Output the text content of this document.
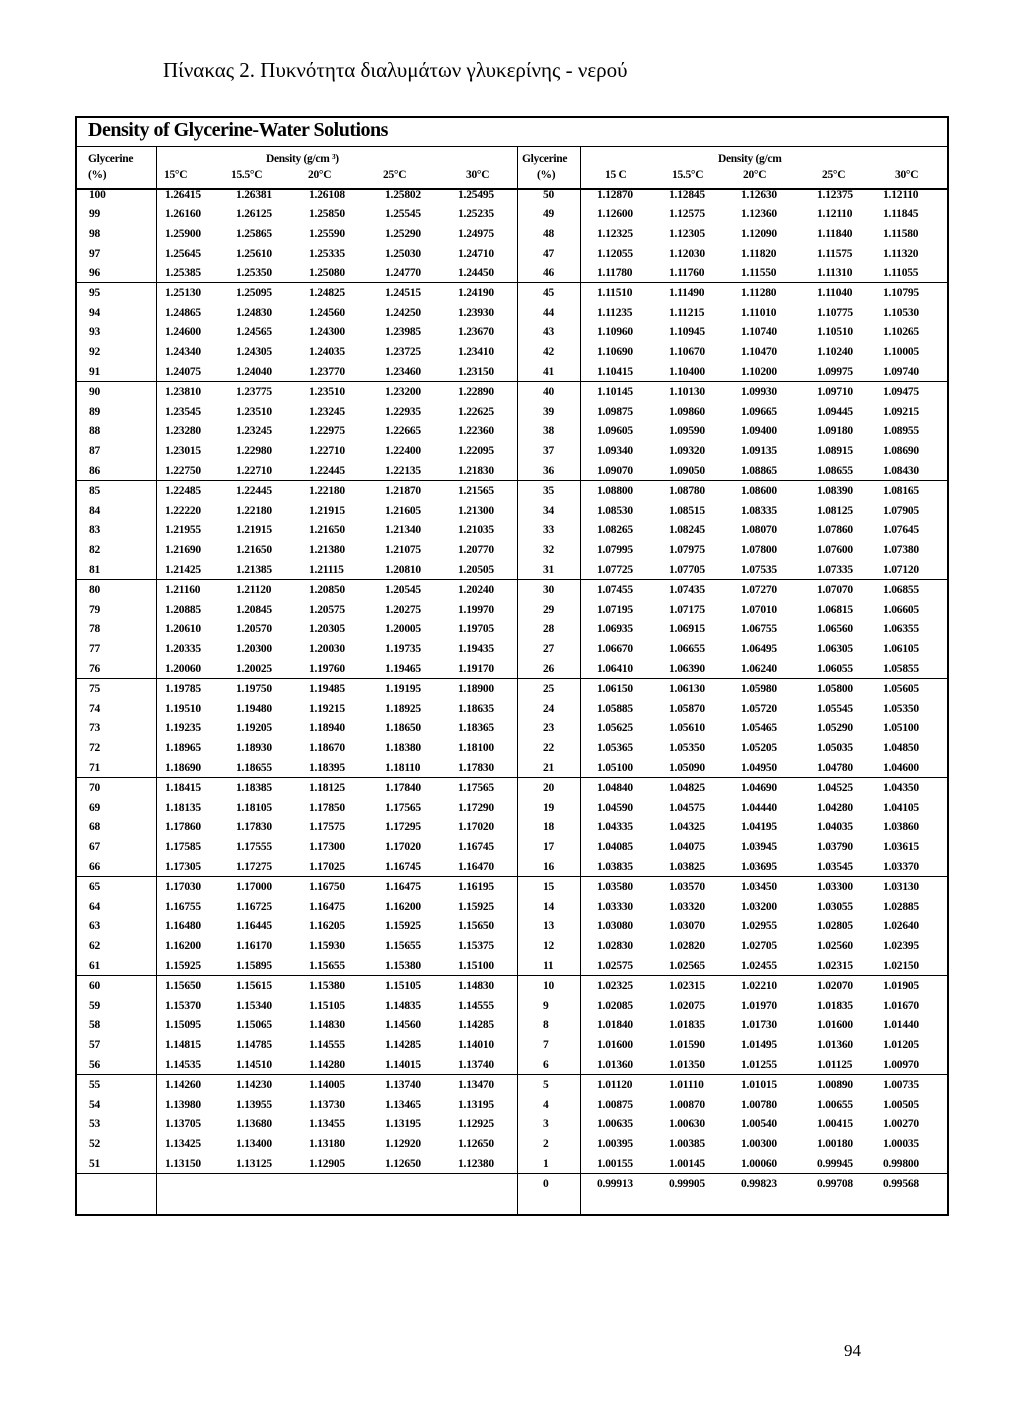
Πίνακας 2. Πυκνότητα διαλυμάτων γλυκερίνης - νερού
Density of Glycerine-Water Solutions
Glycerine
(%)
Density (g/cm ³)
15°C	15.5°C	20°C	25°C	30°C
Glycerine
(%)
Density (g/cm
15 C	15.5°C	20°C	25°C	30°C
100	1.26415	1.26381	1.26108	1.25802	1.25495
99	1.26160	1.26125	1.25850	1.25545	1.25235
98	1.25900	1.25865	1.25590	1.25290	1.24975
97	1.25645	1.25610	1.25335	1.25030	1.24710
96	1.25385	1.25350	1.25080	1.24770	1.24450
95	1.25130	1.25095	1.24825	1.24515	1.24190
94	1.24865	1.24830	1.24560	1.24250	1.23930
93	1.24600	1.24565	1.24300	1.23985	1.23670
92	1.24340	1.24305	1.24035	1.23725	1.23410
91	1.24075	1.24040	1.23770	1.23460	1.23150
90	1.23810	1.23775	1.23510	1.23200	1.22890
89	1.23545	1.23510	1.23245	1.22935	1.22625
88	1.23280	1.23245	1.22975	1.22665	1.22360
87	1.23015	1.22980	1.22710	1.22400	1.22095
86	1.22750	1.22710	1.22445	1.22135	1.21830
85	1.22485	1.22445	1.22180	1.21870	1.21565
84	1.22220	1.22180	1.21915	1.21605	1.21300
83	1.21955	1.21915	1.21650	1.21340	1.21035
82	1.21690	1.21650	1.21380	1.21075	1.20770
81	1.21425	1.21385	1.21115	1.20810	1.20505
80	1.21160	1.21120	1.20850	1.20545	1.20240
79	1.20885	1.20845	1.20575	1.20275	1.19970
78	1.20610	1.20570	1.20305	1.20005	1.19705
77	1.20335	1.20300	1.20030	1.19735	1.19435
76	1.20060	1.20025	1.19760	1.19465	1.19170
75	1.19785	1.19750	1.19485	1.19195	1.18900
74	1.19510	1.19480	1.19215	1.18925	1.18635
73	1.19235	1.19205	1.18940	1.18650	1.18365
72	1.18965	1.18930	1.18670	1.18380	1.18100
71	1.18690	1.18655	1.18395	1.18110	1.17830
70	1.18415	1.18385	1.18125	1.17840	1.17565
69	1.18135	1.18105	1.17850	1.17565	1.17290
68	1.17860	1.17830	1.17575	1.17295	1.17020
67	1.17585	1.17555	1.17300	1.17020	1.16745
66	1.17305	1.17275	1.17025	1.16745	1.16470
65	1.17030	1.17000	1.16750	1.16475	1.16195
64	1.16755	1.16725	1.16475	1.16200	1.15925
63	1.16480	1.16445	1.16205	1.15925	1.15650
62	1.16200	1.16170	1.15930	1.15655	1.15375
61	1.15925	1.15895	1.15655	1.15380	1.15100
60	1.15650	1.15615	1.15380	1.15105	1.14830
59	1.15370	1.15340	1.15105	1.14835	1.14555
58	1.15095	1.15065	1.14830	1.14560	1.14285
57	1.14815	1.14785	1.14555	1.14285	1.14010
56	1.14535	1.14510	1.14280	1.14015	1.13740
55	1.14260	1.14230	1.14005	1.13740	1.13470
54	1.13980	1.13955	1.13730	1.13465	1.13195
53	1.13705	1.13680	1.13455	1.13195	1.12925
52	1.13425	1.13400	1.13180	1.12920	1.12650
51	1.13150	1.13125	1.12905	1.12650	1.12380
50	1.12870	1.12845	1.12630	1.12375	1.12110
49	1.12600	1.12575	1.12360	1.12110	1.11845
48	1.12325	1.12305	1.12090	1.11840	1.11580
47	1.12055	1.12030	1.11820	1.11575	1.11320
46	1.11780	1.11760	1.11550	1.11310	1.11055
45	1.11510	1.11490	1.11280	1.11040	1.10795
44	1.11235	1.11215	1.11010	1.10775	1.10530
43	1.10960	1.10945	1.10740	1.10510	1.10265
42	1.10690	1.10670	1.10470	1.10240	1.10005
41	1.10415	1.10400	1.10200	1.09975	1.09740
40	1.10145	1.10130	1.09930	1.09710	1.09475
39	1.09875	1.09860	1.09665	1.09445	1.09215
38	1.09605	1.09590	1.09400	1.09180	1.08955
37	1.09340	1.09320	1.09135	1.08915	1.08690
36	1.09070	1.09050	1.08865	1.08655	1.08430
35	1.08800	1.08780	1.08600	1.08390	1.08165
34	1.08530	1.08515	1.08335	1.08125	1.07905
33	1.08265	1.08245	1.08070	1.07860	1.07645
32	1.07995	1.07975	1.07800	1.07600	1.07380
31	1.07725	1.07705	1.07535	1.07335	1.07120
30	1.07455	1.07435	1.07270	1.07070	1.06855
29	1.07195	1.07175	1.07010	1.06815	1.06605
28	1.06935	1.06915	1.06755	1.06560	1.06355
27	1.06670	1.06655	1.06495	1.06305	1.06105
26	1.06410	1.06390	1.06240	1.06055	1.05855
25	1.06150	1.06130	1.05980	1.05800	1.05605
24	1.05885	1.05870	1.05720	1.05545	1.05350
23	1.05625	1.05610	1.05465	1.05290	1.05100
22	1.05365	1.05350	1.05205	1.05035	1.04850
21	1.05100	1.05090	1.04950	1.04780	1.04600
20	1.04840	1.04825	1.04690	1.04525	1.04350
19	1.04590	1.04575	1.04440	1.04280	1.04105
18	1.04335	1.04325	1.04195	1.04035	1.03860
17	1.04085	1.04075	1.03945	1.03790	1.03615
16	1.03835	1.03825	1.03695	1.03545	1.03370
15	1.03580	1.03570	1.03450	1.03300	1.03130
14	1.03330	1.03320	1.03200	1.03055	1.02885
13	1.03080	1.03070	1.02955	1.02805	1.02640
12	1.02830	1.02820	1.02705	1.02560	1.02395
11	1.02575	1.02565	1.02455	1.02315	1.02150
10	1.02325	1.02315	1.02210	1.02070	1.01905
9	1.02085	1.02075	1.01970	1.01835	1.01670
8	1.01840	1.01835	1.01730	1.01600	1.01440
7	1.01600	1.01590	1.01495	1.01360	1.01205
6	1.01360	1.01350	1.01255	1.01125	1.00970
5	1.01120	1.01110	1.01015	1.00890	1.00735
4	1.00875	1.00870	1.00780	1.00655	1.00505
3	1.00635	1.00630	1.00540	1.00415	1.00270
2	1.00395	1.00385	1.00300	1.00180	1.00035
1	1.00155	1.00145	1.00060	0.99945	0.99800
0	0.99913	0.99905	0.99823	0.99708	0.99568
94
